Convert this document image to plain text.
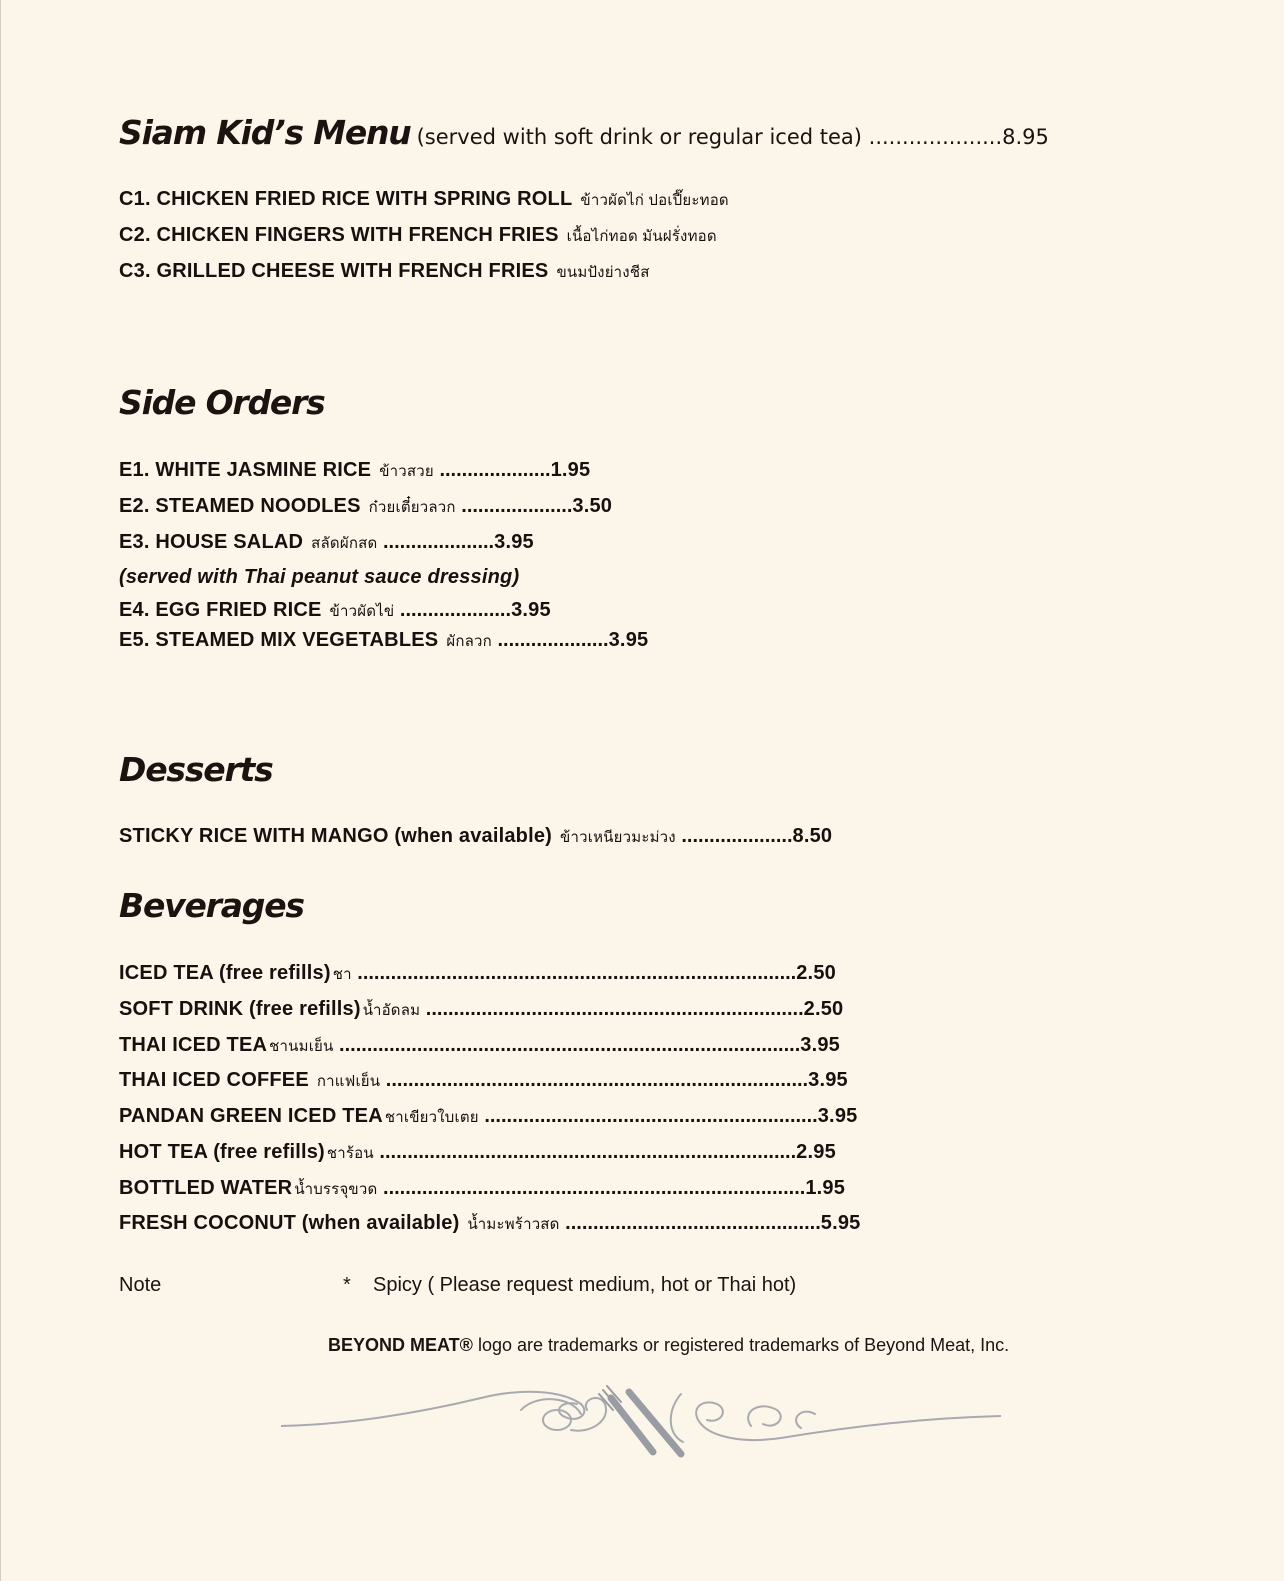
Siam Kid’s Menu (served with soft drink or regular iced tea) ....................8.95
C1. CHICKEN FRIED RICE WITH SPRING ROLL ข้าวผัดไก่ ปอเปี๊ยะทอด
C2. CHICKEN FINGERS WITH FRENCH FRIES เนื้อไก่ทอด มันฝรั่งทอด
C3. GRILLED CHEESE WITH FRENCH FRIES ขนมปังย่างชีส
Side Orders
E1. WHITE JASMINE RICE ข้าวสวย ....................1.95
E2. STEAMED NOODLES ก๋วยเตี๋ยวลวก ....................3.50
E3. HOUSE SALAD สลัดผักสด ....................3.95
(served with Thai peanut sauce dressing)
E4. EGG FRIED RICE ข้าวผัดไข่ ....................3.95
E5. STEAMED MIX VEGETABLES ผักลวก ....................3.95
Desserts
STICKY RICE WITH MANGO (when available) ข้าวเหนียวมะม่วง ....................8.50
Beverages
ICED TEA (free refills) ชา ...............................................................................2.50
SOFT DRINK (free refills) น้ำอัดลม ....................................................................2.50
THAI ICED TEA ชานมเย็น ...................................................................................3.95
THAI ICED COFFEE กาแฟเย็น ............................................................................3.95
PANDAN GREEN ICED TEA ชาเขียวใบเตย ............................................................3.95
HOT TEA (free refills) ชาร้อน ...........................................................................2.95
BOTTLED WATER น้ำบรรจุขวด ............................................................................1.95
FRESH COCONUT (when available) น้ำมะพร้าวสด ..............................................5.95
Note	* Spicy ( Please request medium, hot or Thai hot)
BEYOND MEAT® logo are trademarks or registered trademarks of Beyond Meat, Inc.
